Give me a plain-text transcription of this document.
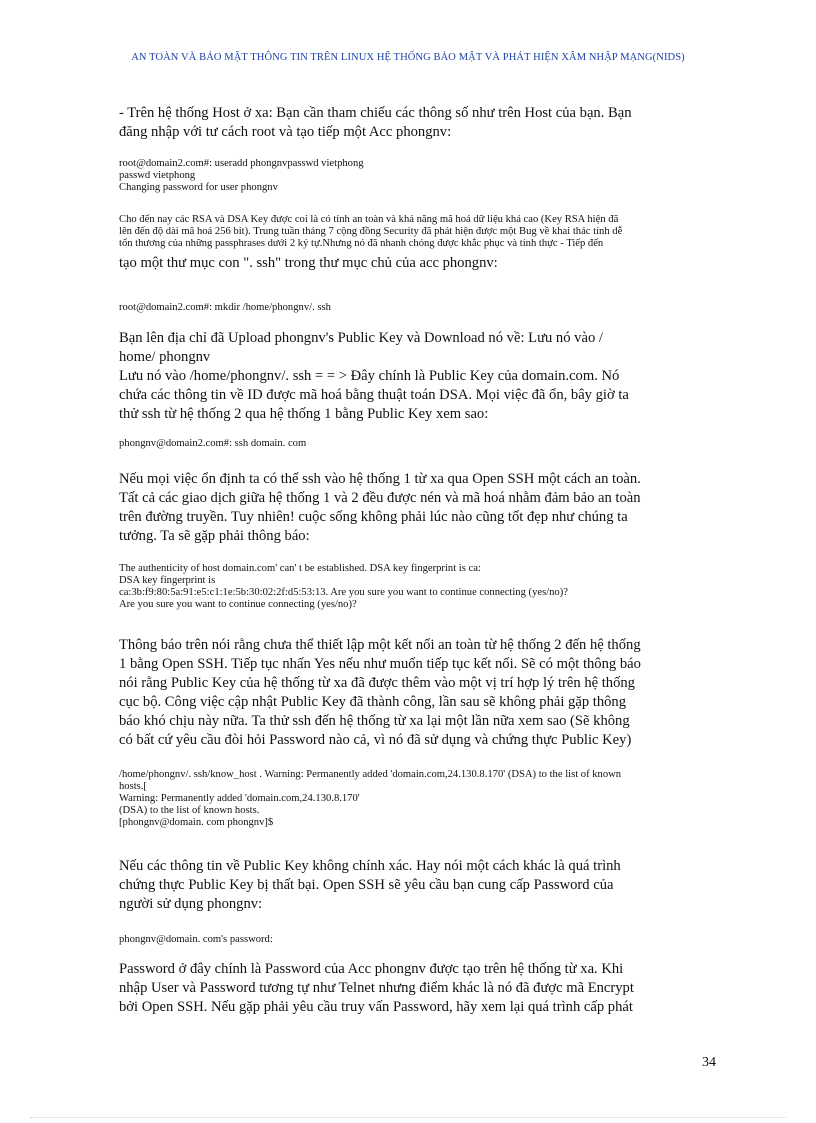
AN TOÀN VÀ BẢO MẬT THÔNG TIN TRÊN LINUX HỆ THỐNG BẢO MẬT VÀ PHÁT HIỆN XÂM NHẬP MẠNG(NIDS)
- Trên hệ thống Host ở xa: Bạn cần tham chiếu các thông số như trên Host của bạn. Bạn
đăng nhập với tư cách root và tạo tiếp một Acc phongnv:
root@domain2.com#: useradd phongnvpasswd vietphong
passwd vietphong
Changing password for user phongnv
Cho đến nay các RSA và DSA Key được coi là có tính an toàn và khả năng mã hoá dữ liệu khá cao (Key RSA hiện đã
lên đến độ dài mã hoá 256 bit). Trung tuần tháng 7 cộng đồng Security đã phát hiện được một Bug về khai thác tính dễ
tổn thương của những passphrases dưới 2 ký tự.Nhưng nó đã nhanh chóng được khắc phục và tính thực - Tiếp đến
tạo một thư mục con ". ssh" trong thư mục chủ của acc phongnv:
root@domain2.com#: mkdir /home/phongnv/. ssh
Bạn lên địa chỉ đã Upload phongnv's Public Key và Download nó về: Lưu nó vào /
home/ phongnv
Lưu nó vào /home/phongnv/. ssh = = > Đây chính là Public Key của domain.com. Nó
chứa các thông tin về ID được mã hoá bằng thuật toán DSA. Mọi việc đã ổn, bây giờ ta
thử ssh từ hệ thống 2 qua hệ thống 1 bằng Public Key xem sao:
phongnv@domain2.com#: ssh domain. com
Nếu mọi việc ổn định ta có thể ssh vào hệ thống 1 từ xa qua Open SSH một cách an toàn.
Tất cả các giao dịch giữa hệ thống 1 và 2 đều được nén và mã hoá nhằm đảm bảo an toàn
trên đường truyền. Tuy nhiên! cuộc sống không phải lúc nào cũng tốt đẹp như chúng ta
tưởng. Ta sẽ gặp phải thông báo:
The authenticity of host domain.com' can' t be established. DSA key fingerprint is ca:
DSA key fingerprint is
ca:3b:f9:80:5a:91:e5:c1:1e:5b:30:02:2f:d5:53:13. Are you sure you want to continue connecting (yes/no)?
Are you sure you want to continue connecting (yes/no)?
Thông báo trên nói rằng chưa thể thiết lập một kết nối an toàn từ hệ thống 2 đến hệ thống
1 bằng Open SSH. Tiếp tục nhấn Yes nếu như muốn tiếp tục kết nối. Sẽ có một thông báo
nói rằng Public Key của hệ thống từ xa đã được thêm vào một vị trí hợp lý trên hệ thống
cục bộ. Công việc cập nhật Public Key đã thành công, lần sau sẽ không phải gặp thông
báo khó chịu này nữa. Ta thử ssh đến hệ thống từ xa lại một lần nữa xem sao (Sẽ không
có bất cứ yêu cầu đòi hỏi Password nào cả, vì nó đã sử dụng và chứng thực Public Key)
/home/phongnv/. ssh/know_host . Warning: Permanently added 'domain.com,24.130.8.170' (DSA) to the list of known
hosts.[
Warning: Permanently added 'domain.com,24.130.8.170'
(DSA) to the list of known hosts.
[phongnv@domain. com phongnv]$
Nếu các thông tin về Public Key không chính xác. Hay nói một cách khác là quá trình
chứng thực Public Key bị thất bại. Open SSH sẽ yêu cầu bạn cung cấp Password của
người sử dụng phongnv:
phongnv@domain. com's password:
Password ở đây chính là Password của Acc phongnv được tạo trên hệ thống từ xa. Khi
nhập User và Password tương tự như Telnet nhưng điểm khác là nó đã được mã Encrypt
bởi Open SSH. Nếu gặp phải yêu cầu truy vấn Password, hãy xem lại quá trình cấp phát
34
